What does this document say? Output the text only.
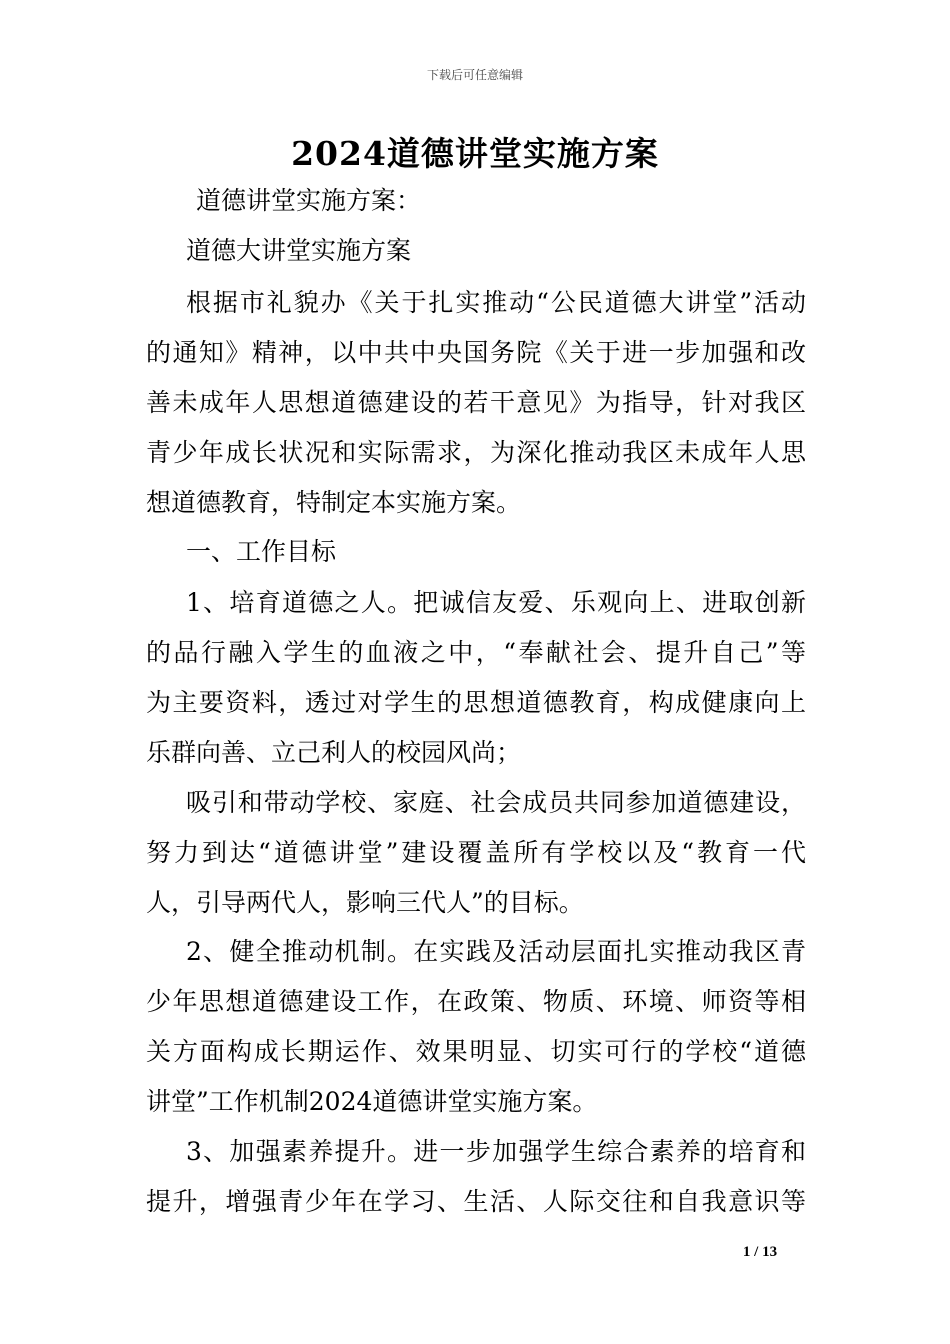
下载后可任意编辑
2024道德讲堂实施方案
道德讲堂实施方案：
道德大讲堂实施方案
根据市礼貌办《关于扎实推动“公民道德大讲堂”活动
的通知》精神，以中共中央国务院《关于进一步加强和改
善未成年人思想道德建设的若干意见》为指导，针对我区
青少年成长状况和实际需求，为深化推动我区未成年人思
想道德教育，特制定本实施方案。
一、工作目标
1、培育道德之人。把诚信友爱、乐观向上、进取创新
的品行融入学生的血液之中，“奉献社会、提升自己”等
为主要资料，透过对学生的思想道德教育，构成健康向上
乐群向善、立己利人的校园风尚；
吸引和带动学校、家庭、社会成员共同参加道德建设，
努力到达“道德讲堂”建设覆盖所有学校以及“教育一代
人，引导两代人，影响三代人”的目标。
2、健全推动机制。在实践及活动层面扎实推动我区青
少年思想道德建设工作，在政策、物质、环境、师资等相
关方面构成长期运作、效果明显、切实可行的学校“道德
讲堂”工作机制2024道德讲堂实施方案。
3、加强素养提升。进一步加强学生综合素养的培育和
提升，增强青少年在学习、生活、人际交往和自我意识等
1 / 13
